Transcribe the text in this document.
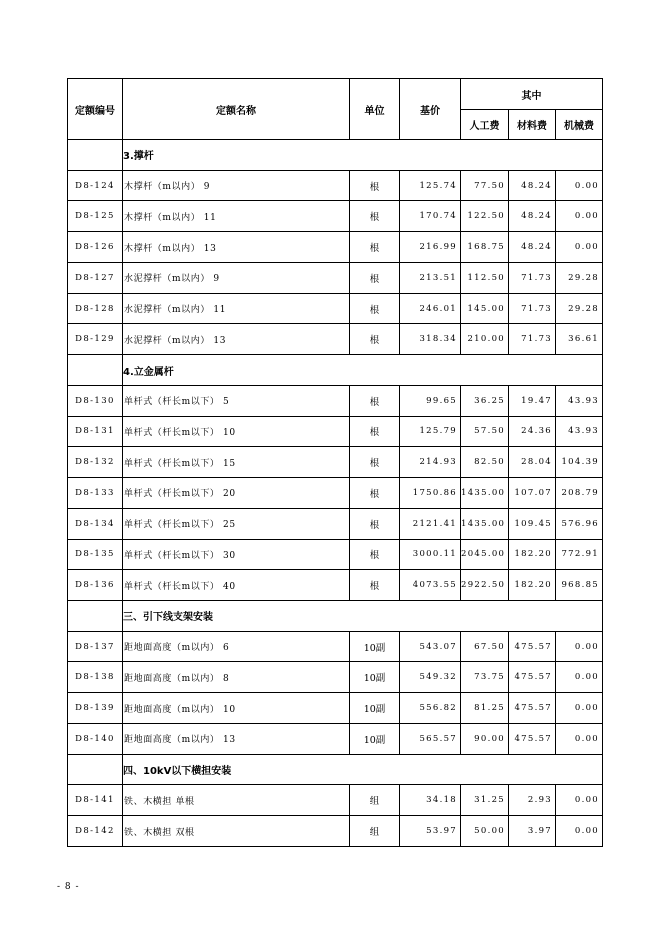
定额编号	定额名称	单位	基价	其中		
				人工费	材料费	机械费
	3.撑杆					
D8-124	木撑杆（m以内） 9	根	125.74	77.50	48.24	0.00
D8-125	木撑杆（m以内） 11	根	170.74	122.50	48.24	0.00
D8-126	木撑杆（m以内） 13	根	216.99	168.75	48.24	0.00
D8-127	水泥撑杆（m以内） 9	根	213.51	112.50	71.73	29.28
D8-128	水泥撑杆（m以内） 11	根	246.01	145.00	71.73	29.28
D8-129	水泥撑杆（m以内） 13	根	318.34	210.00	71.73	36.61
	4.立金属杆					
D8-130	单杆式（杆长m以下） 5	根	99.65	36.25	19.47	43.93
D8-131	单杆式（杆长m以下） 10	根	125.79	57.50	24.36	43.93
D8-132	单杆式（杆长m以下） 15	根	214.93	82.50	28.04	104.39
D8-133	单杆式（杆长m以下） 20	根	1750.86	1435.00	107.07	208.79
D8-134	单杆式（杆长m以下） 25	根	2121.41	1435.00	109.45	576.96
D8-135	单杆式（杆长m以下） 30	根	3000.11	2045.00	182.20	772.91
D8-136	单杆式（杆长m以下） 40	根	4073.55	2922.50	182.20	968.85
	三、引下线支架安装					
D8-137	距地面高度（m以内） 6	10副	543.07	67.50	475.57	0.00
D8-138	距地面高度（m以内） 8	10副	549.32	73.75	475.57	0.00
D8-139	距地面高度（m以内） 10	10副	556.82	81.25	475.57	0.00
D8-140	距地面高度（m以内） 13	10副	565.57	90.00	475.57	0.00
	四、10kV以下横担安装					
D8-141	铁、木横担 单根	组	34.18	31.25	2.93	0.00
D8-142	铁、木横担 双根	组	53.97	50.00	3.97	0.00
- 8 -
